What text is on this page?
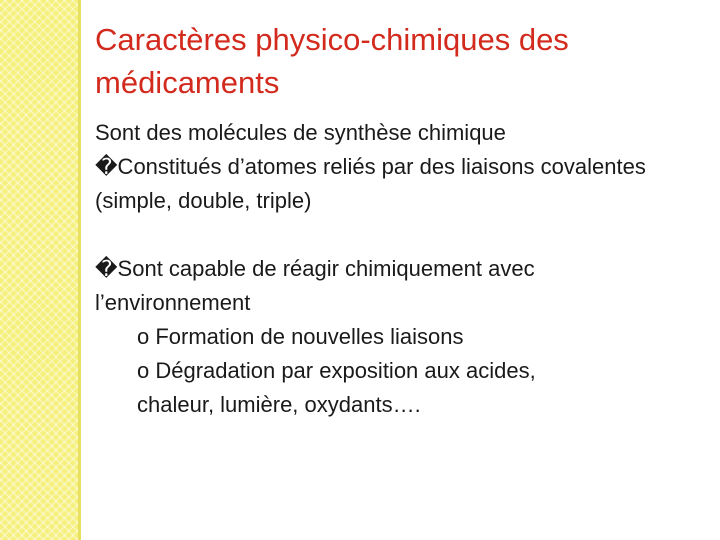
Caractères physico-chimiques des médicaments

Sont des molécules de synthèse chimique

�Constitués d’atomes reliés par des liaisons covalentes (simple, double, triple)

�Sont capable de réagir chimiquement avec l’environnement

o Formation de nouvelles liaisons

o Dégradation par exposition aux acides,

chaleur, lumière, oxydants….
